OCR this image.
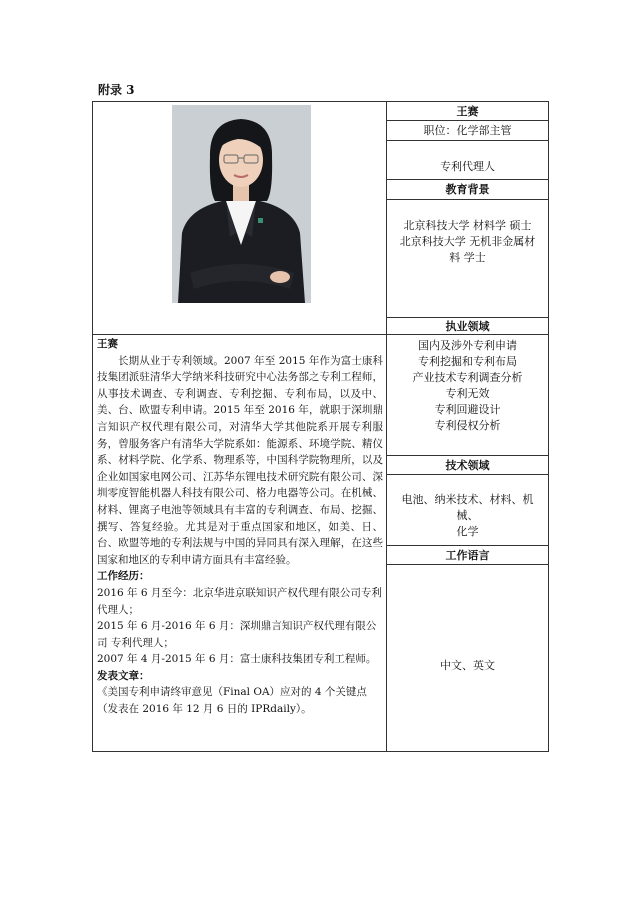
附录 3
王赛
职位：化学部主管
专利代理人
教育背景
北京科技大学 材料学 硕士
北京科技大学 无机非金属材
料 学士
执业领域
国内及涉外专利申请
专利挖掘和专利布局
产业技术专利调查分析
专利无效
专利回避设计
专利侵权分析
技术领域
电池、纳米技术、材料、机械、
化学
工作语言
中文、英文

王赛

长期从业于专利领域。2007 年至 2015 年作为富士康科技集团派驻清华大学纳米科技研究中心法务部之专利工程师，从事技术调查、专利调查、专利挖掘、专利布局，以及中、美、台、欧盟专利申请。2015 年至 2016 年，就职于深圳鼎言知识产权代理有限公司，对清华大学其他院系开展专利服务，曾服务客户有清华大学院系如：能源系、环境学院、精仪系、材料学院、化学系、物理系等，中国科学院物理所，以及企业如国家电网公司、江苏华东锂电技术研究院有限公司、深圳零度智能机器人科技有限公司、格力电器等公司。在机械、材料、锂离子电池等领域具有丰富的专利调查、布局、挖掘、撰写、答复经验。尤其是对于重点国家和地区，如美、日、台、欧盟等地的专利法规与中国的异同具有深入理解，在这些国家和地区的专利申请方面具有丰富经验。

工作经历：

2016 年 6 月至今：北京华进京联知识产权代理有限公司专利代理人；

2015 年 6 月-2016 年 6 月：深圳鼎言知识产权代理有限公司 专利代理人；

2007 年 4 月-2015 年 6 月：富士康科技集团专利工程师。

发表文章：

《美国专利申请终审意见（Final OA）应对的 4 个关键点（发表在 2016 年 12 月 6 日的 IPRdaily）。
